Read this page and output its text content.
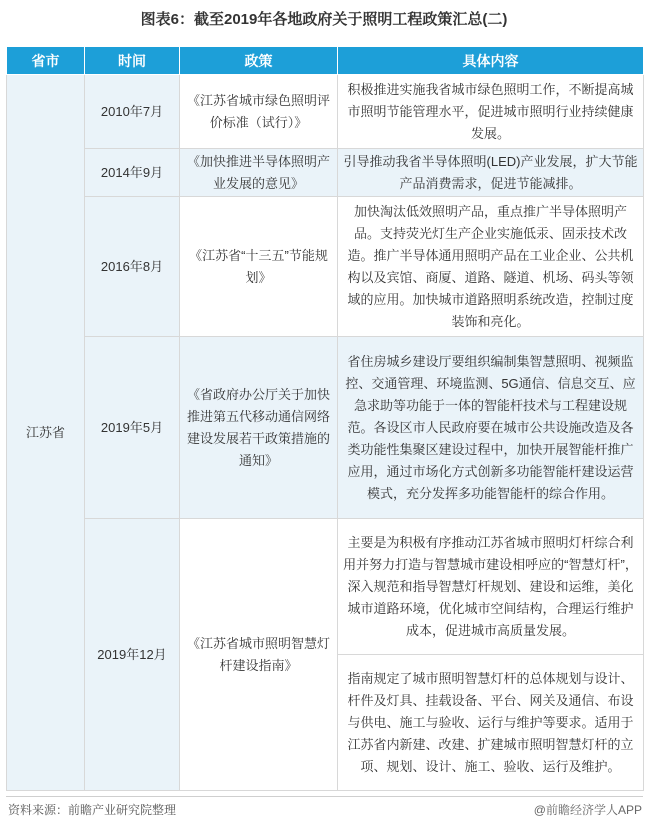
图表6：截至2019年各地政府关于照明工程政策汇总(二)
省市	时间	政策	具体内容
江苏省	2010年7月	《江苏省城市绿色照明评价标准（试行）》	积极推进实施我省城市绿色照明工作，不断提高城市照明节能管理水平，促进城市照明行业持续健康发展。
	2014年9月	《加快推进半导体照明产业发展的意见》	引导推动我省半导体照明(LED)产业发展，扩大节能产品消费需求，促进节能减排。
	2016年8月	《江苏省“十三五”节能规划》	加快淘汰低效照明产品，重点推广半导体照明产品。支持荧光灯生产企业实施低汞、固汞技术改造。推广半导体通用照明产品在工业企业、公共机构以及宾馆、商厦、道路、隧道、机场、码头等领域的应用。加快城市道路照明系统改造，控制过度装饰和亮化。
	2019年5月	《省政府办公厅关于加快推进第五代移动通信网络建设发展若干政策措施的通知》	省住房城乡建设厅要组织编制集智慧照明、视频监控、交通管理、环境监测、5G通信、信息交互、应急求助等功能于一体的智能杆技术与工程建设规范。各设区市人民政府要在城市公共设施改造及各类功能性集聚区建设过程中，加快开展智能杆推广应用，通过市场化方式创新多功能智能杆建设运营模式，充分发挥多功能智能杆的综合作用。
	2019年12月	《江苏省城市照明智慧灯杆建设指南》	主要是为积极有序推动江苏省城市照明灯杆综合利用并努力打造与智慧城市建设相呼应的“智慧灯杆”，深入规范和指导智慧灯杆规划、建设和运维，美化城市道路环境，优化城市空间结构，合理运行维护成本，促进城市高质量发展。
			指南规定了城市照明智慧灯杆的总体规划与设计、杆件及灯具、挂载设备、平台、网关及通信、布设与供电、施工与验收、运行与维护等要求。适用于江苏省内新建、改建、扩建城市照明智慧灯杆的立项、规划、设计、施工、验收、运行及维护。
资料来源：前瞻产业研究院整理	@前瞻经济学人APP
